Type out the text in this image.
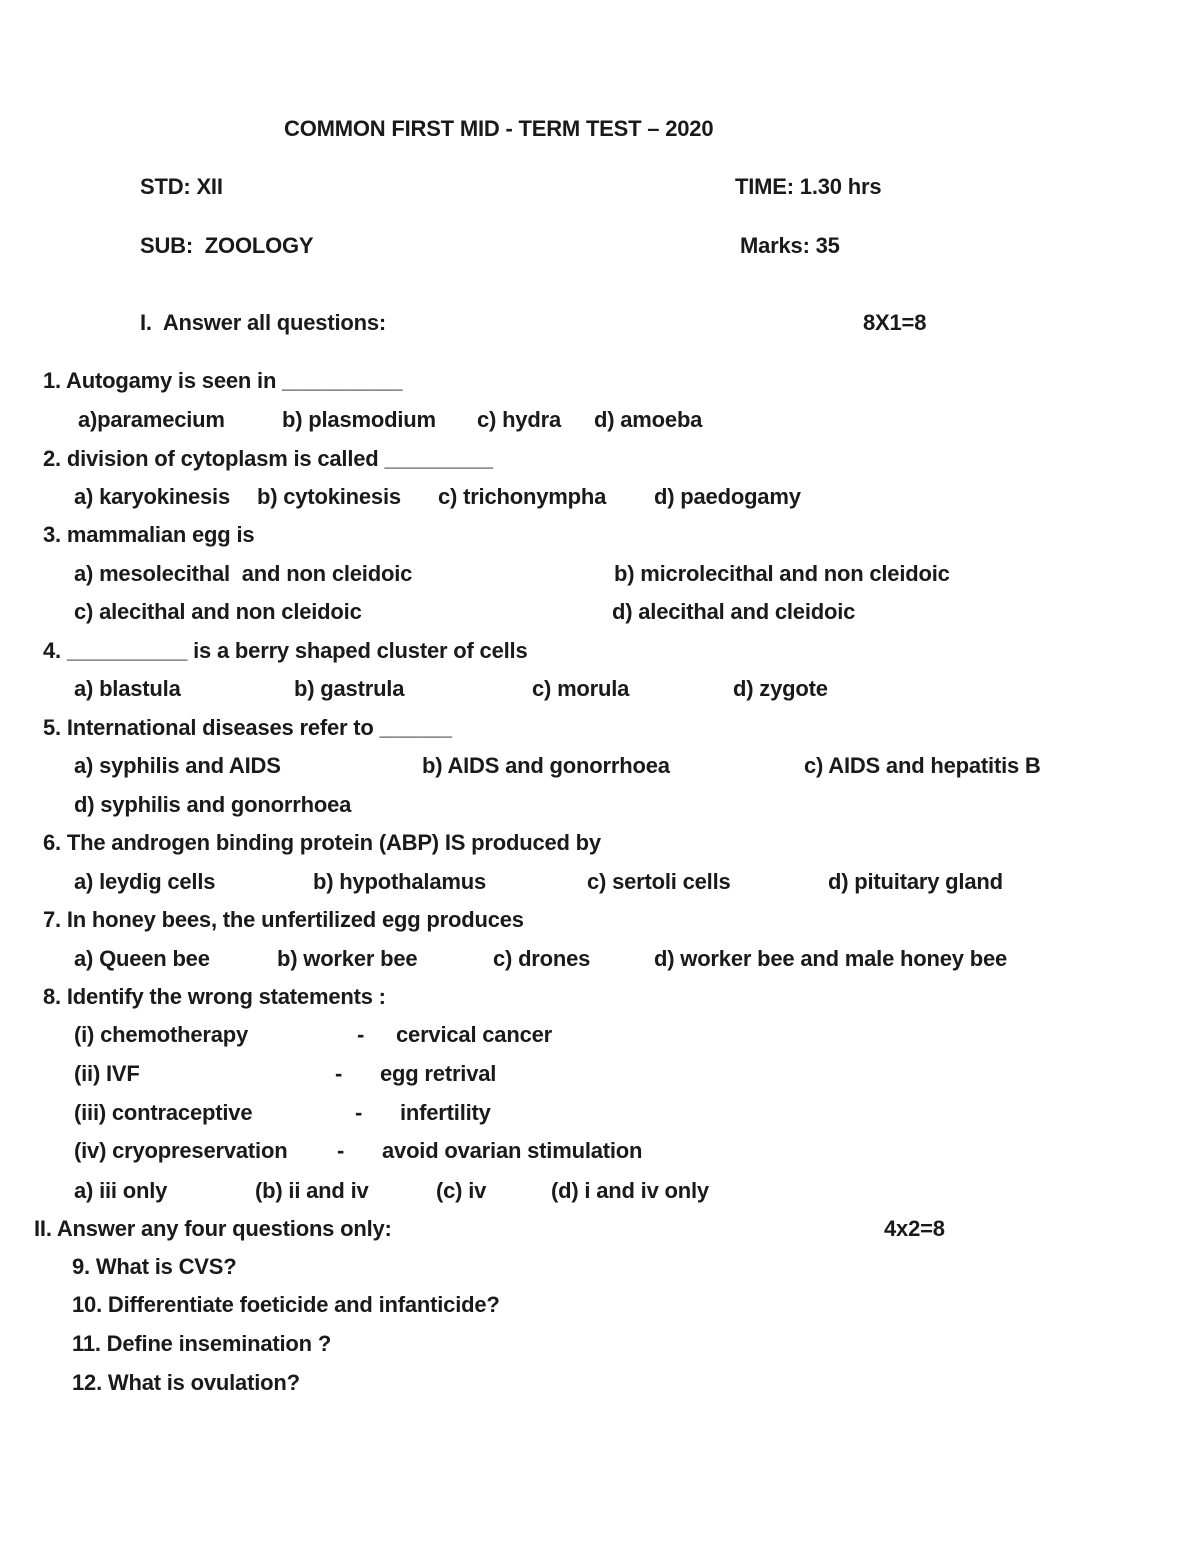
COMMON FIRST MID - TERM TEST – 2020
STD: XII	TIME: 1.30 hrs
SUB:  ZOOLOGY	Marks: 35
I.  Answer all questions:	8X1=8
1. Autogamy is seen in __________
a)paramecium	b) plasmodium c) hydra d) amoeba
2. division of cytoplasm is called _________
a) karyokinesis b) cytokinesis c) trichonympha d) paedogamy
3. mammalian egg is
a) mesolecithal  and non cleidoic	b) microlecithal and non cleidoic
c) alecithal and non cleidoic	d) alecithal and cleidoic
4. __________ is a berry shaped cluster of cells
a) blastula	b) gastrula	c) morula	d) zygote
5. International diseases refer to ______
a) syphilis and AIDS	b) AIDS and gonorrhoea	c) AIDS and hepatitis B
d) syphilis and gonorrhoea
6. The androgen binding protein (ABP) IS produced by
a) leydig cells	b) hypothalamus	c) sertoli cells	d) pituitary gland
7. In honey bees, the unfertilized egg produces
a) Queen bee	b) worker bee	c) drones	d) worker bee and male honey bee
8. Identify the wrong statements :
(i) chemotherapy	- cervical cancer
(ii) IVF	- egg retrival
(iii) contraceptive	- infertility
(iv) cryopreservation - avoid ovarian stimulation
a) iii only	(b) ii and iv	(c) iv	(d) i and iv only
II. Answer any four questions only:	4x2=8
9. What is CVS?
10. Differentiate foeticide and infanticide?
11. Define insemination ?
12. What is ovulation?
